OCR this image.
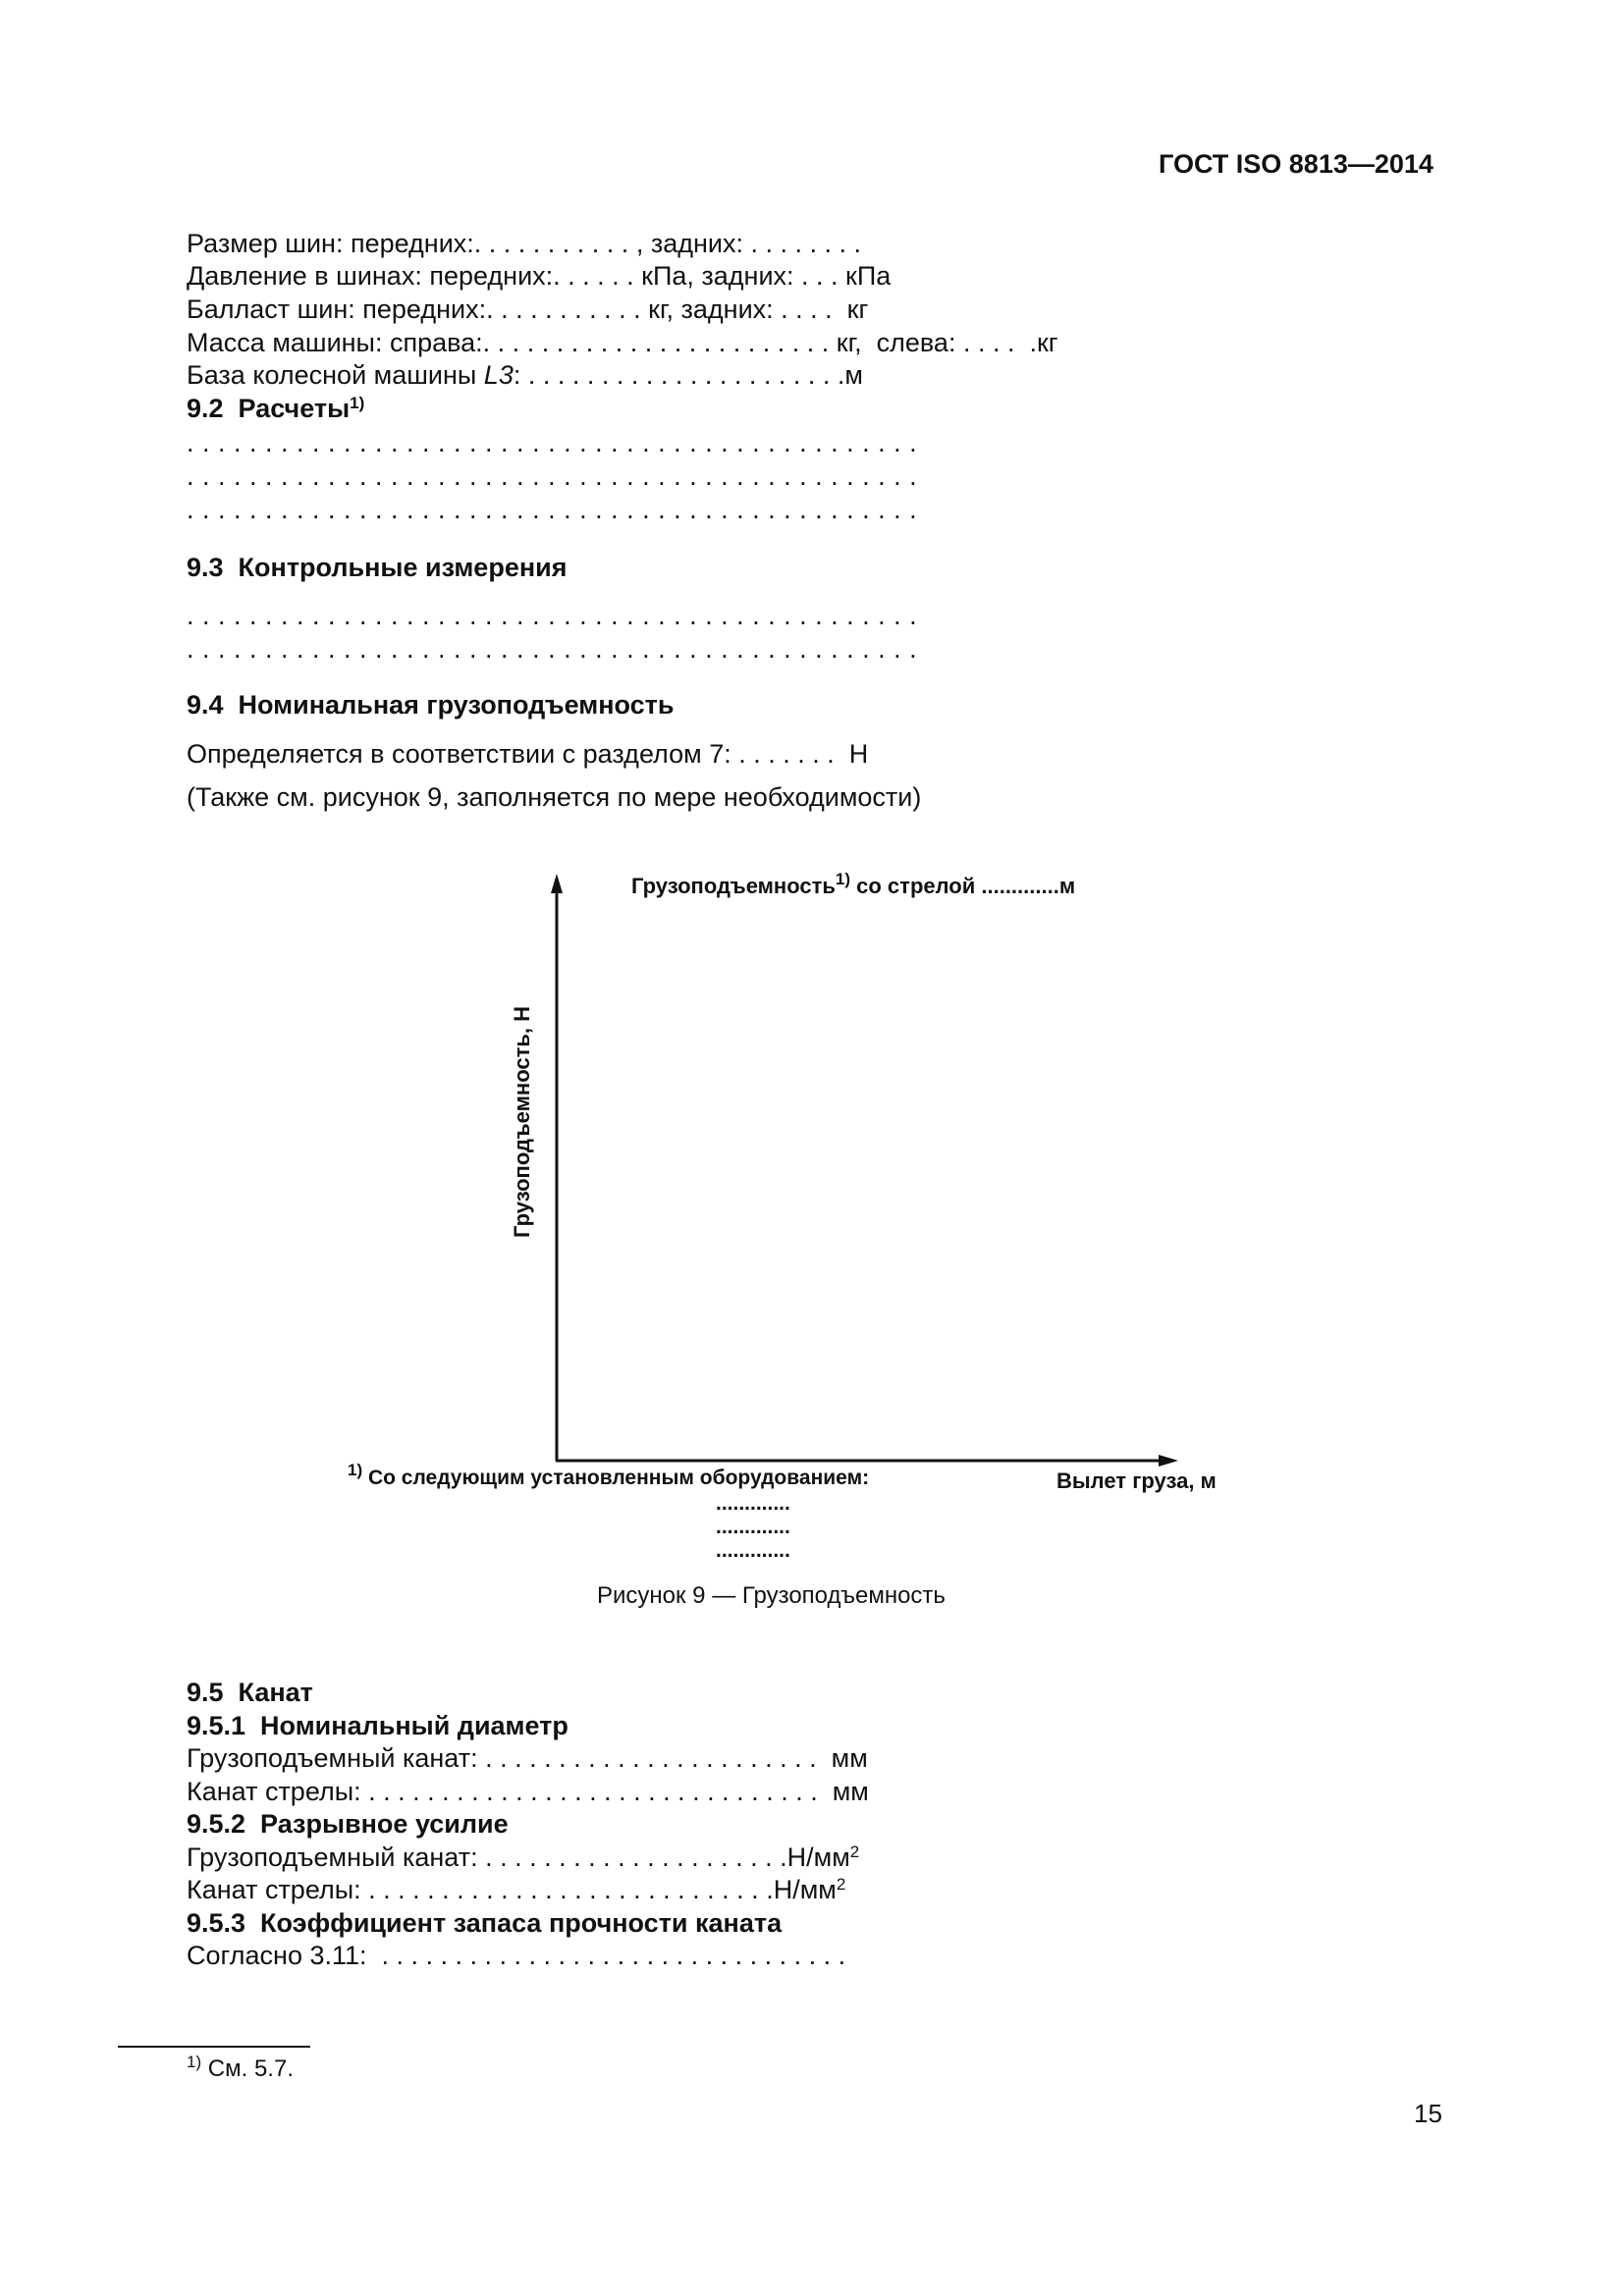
ГОСТ ISO 8813—2014
Размер шин: передних:. . . . . . . . . . . , задних: . . . . . . . .
Давление в шинах: передних:. . . . . . кПа, задних: . . . кПа
Балласт шин: передних:. . . . . . . . . . . кг, задних: . . . .  кг
Масса машины: справа:. . . . . . . . . . . . . . . . . . . . . . . . кг,  слева: . . . .  .кг
База колесной машины L3: . . . . . . . . . . . . . . . . . . . . . .м
9.2  Расчеты$^{1)}$
. . . . . . . . . . . . . . . . . . . . . . . . . . . . . . . . . . . . . . . . . . . . . . .
. . . . . . . . . . . . . . . . . . . . . . . . . . . . . . . . . . . . . . . . . . . . . . .
. . . . . . . . . . . . . . . . . . . . . . . . . . . . . . . . . . . . . . . . . . . . . . .
9.3  Контрольные измерения
. . . . . . . . . . . . . . . . . . . . . . . . . . . . . . . . . . . . . . . . . . . . . . .
. . . . . . . . . . . . . . . . . . . . . . . . . . . . . . . . . . . . . . . . . . . . . . .
9.4  Номинальная грузоподъемность
Определяется в соответствии с разделом 7: . . . . . . .  Н
(Также см. рисунок 9, заполняется по мере необходимости)
Грузоподъемность$^{1)}$ со стрелой .............м
Грузоподъемность, Н
Вылет груза, м
$^{1)}$ Со следующим установленным оборудованием:
.............
.............
.............
Рисунок 9 — Грузоподъемность
9.5  Канат
9.5.1  Номинальный диаметр
Грузоподъемный канат: . . . . . . . . . . . . . . . . . . . . . . .  мм
Канат стрелы: . . . . . . . . . . . . . . . . . . . . . . . . . . . . . . .  мм
9.5.2  Разрывное усилие
Грузоподъемный канат: . . . . . . . . . . . . . . . . . . . . $.Н/мм^2$
Канат стрелы: . . . . . . . . . . . . . . . . . . . . . . . . . . . $.Н/мм^2$
9.5.3  Коэффициент запаса прочности каната
Согласно 3.11:  . . . . . . . . . . . . . . . . . . . . . . . . . . . . . . . .
$^{1)}$ См. 5.7.
15
